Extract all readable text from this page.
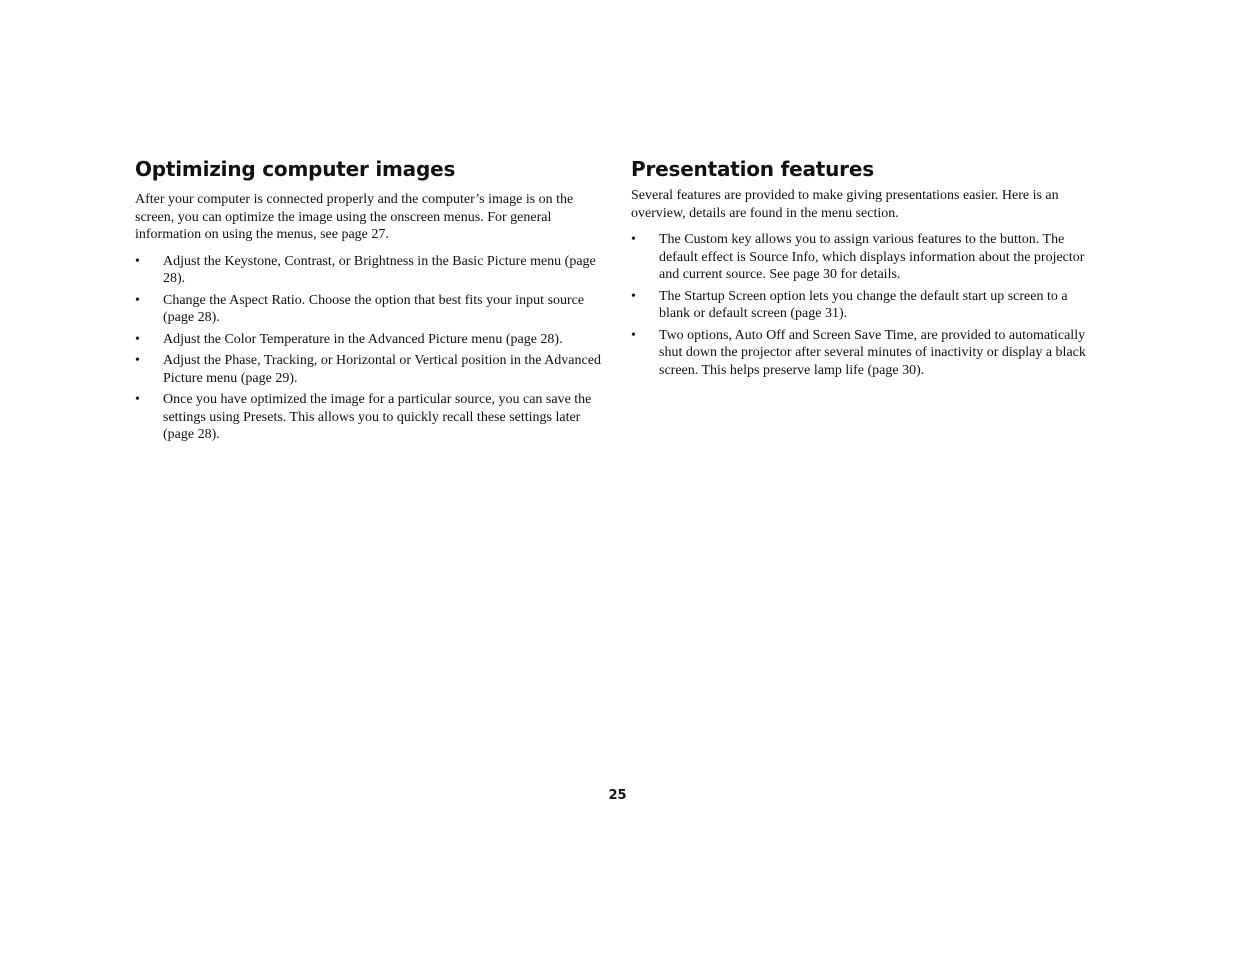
Optimizing computer images

After your computer is connected properly and the computer’s image is on the screen, you can optimize the image using the onscreen menus. For general information on using the menus, see page 27.

•	Adjust the Keystone, Contrast, or Brightness in the Basic Picture menu (page 28).
•	Change the Aspect Ratio. Choose the option that best fits your input source (page 28).
•	Adjust the Color Temperature in the Advanced Picture menu (page 28).
•	Adjust the Phase, Tracking, or Horizontal or Vertical position in the Advanced Picture menu (page 29).
•	Once you have optimized the image for a particular source, you can save the settings using Presets. This allows you to quickly recall these settings later (page 28).
Presentation features

Several features are provided to make giving presentations easier. Here is an overview, details are found in the menu section.

•	The Custom key allows you to assign various features to the button. The default effect is Source Info, which displays information about the projector and current source. See page 30 for details.
•	The Startup Screen option lets you change the default start up screen to a blank or default screen (page 31).
•	Two options, Auto Off and Screen Save Time, are provided to automatically shut down the projector after several minutes of inactivity or display a black screen. This helps preserve lamp life (page 30).
25
